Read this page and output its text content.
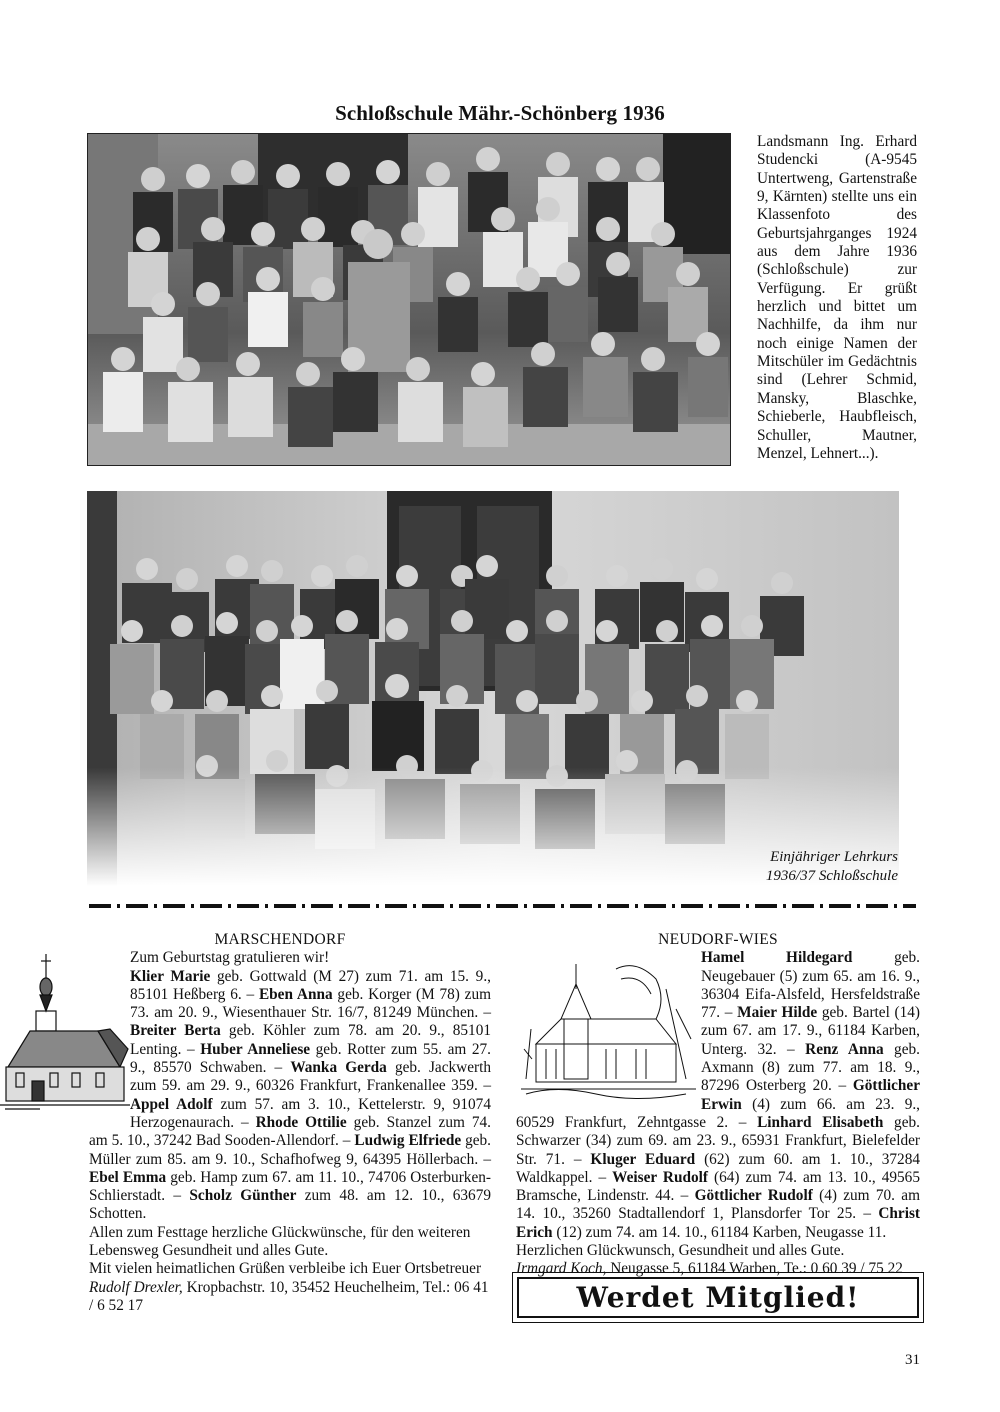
Schloßschule Mähr.-Schönberg 1936
Landsmann Ing. Erhard Studencki (A-9545 Untertweng, Gartenstraße 9, Kärnten) stellte uns ein Klassenfoto des Geburtsjahrganges 1924 aus dem Jahre 1936 (Schloßschule) zur Verfügung. Er grüßt herzlich und bittet um Nachhilfe, da ihm nur noch einige Namen der Mitschüler im Gedächtnis sind (Lehrer Schmid, Mansky, Blaschke, Schieberle, Haubfleisch, Schuller, Mautner, Menzel, Lehnert...).
Einjähriger Lehrkurs
1936/37 Schloßschule
MARSCHENDORF

Zum Geburtstag gratulieren wir!

Klier Marie geb. Gottwald (M 27) zum 71. am 15. 9., 85101 Heßberg 6. – Eben Anna geb. Korger (M 78) zum 73. am 20. 9., Wiesenthauer Str. 16/7, 81249 München. – Breiter Berta geb. Köhler zum 78. am 20. 9., 85101 Lenting. – Huber Anneliese geb. Rotter zum 55. am 27. 9., 85570 Schwaben. – Wanka Gerda geb. Jackwerth zum 59. am 29. 9., 60326 Frankfurt, Frankenallee 359. – Appel Adolf zum 57. am 3. 10., Kettelerstr. 9, 91074 Herzogenaurach. – Rhode Ottilie geb. Stanzel zum 74. am 5. 10., 37242 Bad Sooden-Allendorf. – Ludwig Elfriede geb. Müller zum 85. am 9. 10., Schafhofweg 9, 64395 Höllerbach. – Ebel Emma geb. Hamp zum 67. am 11. 10., 74706 Osterburken-Schlierstadt. – Scholz Günther zum 48. am 12. 10., 63679 Schotten.

Allen zum Festtage herzliche Glückwünsche, für den weiteren Lebensweg Gesundheit und alles Gute.

Mit vielen heimatlichen Grüßen verbleibe ich Euer Ortsbetreuer

Rudolf Drexler, Kropbachstr. 10, 35452 Heuchelheim, Tel.: 06 41 / 6 52 17

NEUDORF-WIES

Hamel Hildegard geb. Neugebauer (5) zum 65. am 16. 9., 36304 Eifa-Alsfeld, Hersfeldstraße 77. – Maier Hilde geb. Bartel (14) zum 67. am 17. 9., 61184 Karben, Unterg. 32. – Renz Anna geb. Axmann (8) zum 77. am 18. 9., 87296 Osterberg 20. – Göttlicher Erwin (4) zum 66. am 23. 9., 60529 Frankfurt, Zehntgasse 2. – Linhard Elisabeth geb. Schwarzer (34) zum 69. am 23. 9., 65931 Frankfurt, Bielefelder Str. 71. – Kluger Eduard (62) zum 60. am 1. 10., 37284 Waldkappel. – Weiser Rudolf (64) zum 74. am 13. 10., 49565 Bramsche, Lindenstr. 44. – Göttlicher Rudolf (4) zum 70. am 14. 10., 35260 Stadtallendorf 1, Plansdorfer Tor 25. – Christ Erich (12) zum 74. am 14. 10., 61184 Karben, Neugasse 11.

Herzlichen Glückwunsch, Gesundheit und alles Gute.

Irmgard Koch, Neugasse 5, 61184 Warben, Te.: 0 60 39 / 75 22

Werdet Mitglied!
31
